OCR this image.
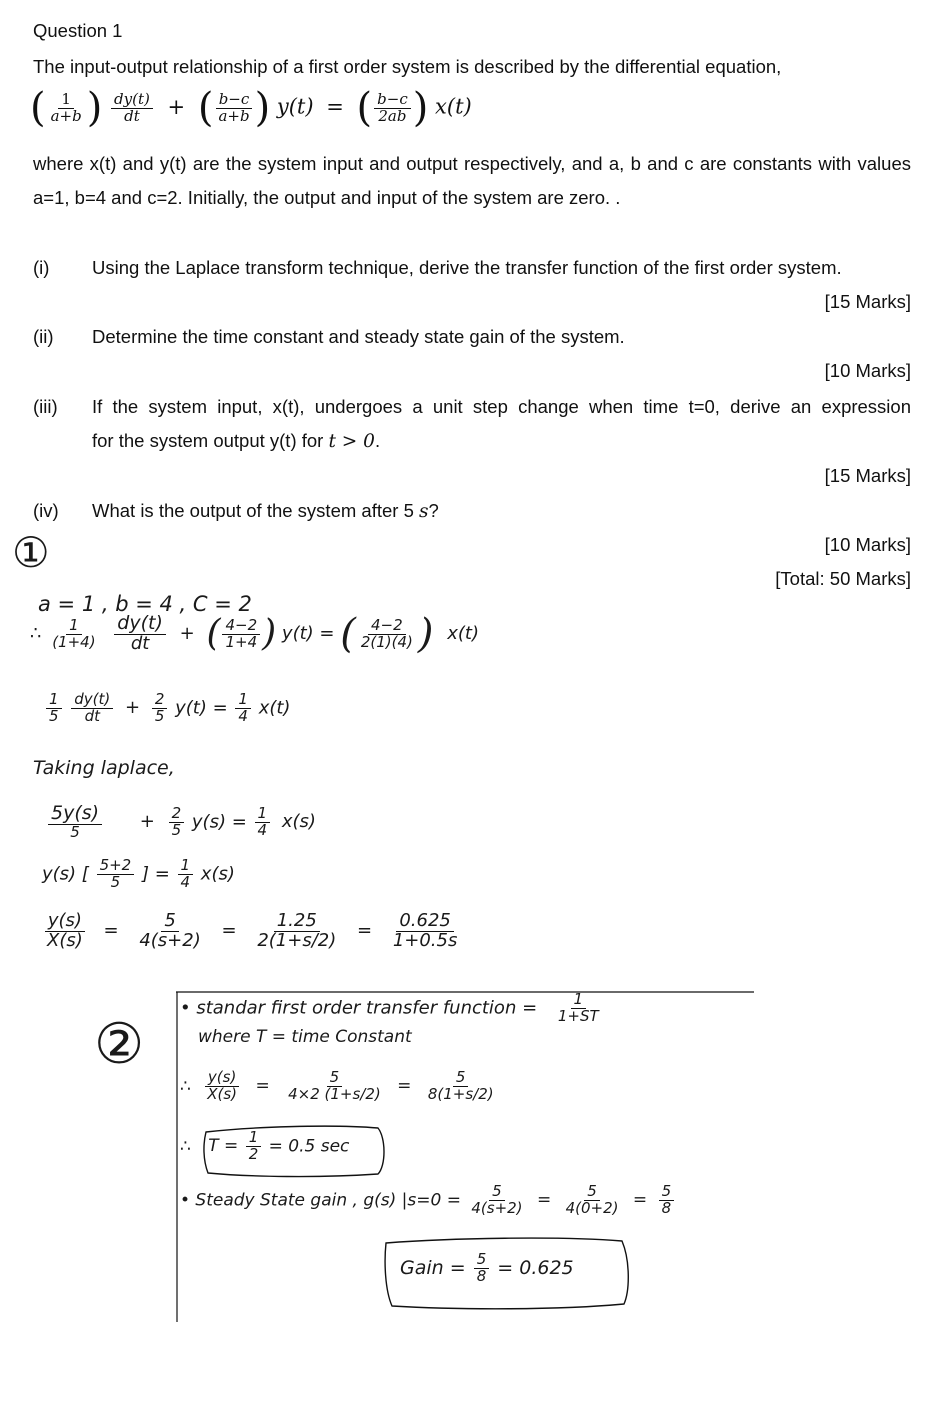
Question 1
The input-output relationship of a first order system is described by the differential equation,
( $\frac{1}{a+b}$ ) $\frac{dy(t)}{dt}$ + ( $\frac{b-c}{a+b}$ ) y(t) = ( $\frac{b-c}{2ab}$ ) x(t)
where x(t) and y(t) are the system input and output respectively, and a, b and c are constants with values a=1, b=4 and c=2. Initially, the output and input of the system are zero. .
(i) Using the Laplace transform technique, derive the transfer function of the first order system.
[15 Marks]
(ii) Determine the time constant and steady state gain of the system.
[10 Marks]
(iii) If the system input, x(t), undergoes a unit step change when time t=0, derive an expression
for the system output y(t) for t > 0.
[15 Marks]
(iv) What is the output of the system after 5 s?
[10 Marks]
[Total: 50 Marks]
①
a = 1 , b = 4 , C = 2
∴ $\frac{1}{(1+4)}$
$\frac{dy(t)}{dt}$ + ( $\frac{4-2}{1+4}$ ) y(t) = ( $\frac{4-2}{2(1)(4)}$ ) x(t)
$\frac{1}{5}$
$\frac{dy(t)}{dt} + \frac{2}{5} y(t) = \frac{1}{4} x(t)$
Taking laplace,
$\frac{5y(s)}{5} + \frac{2}{5} y(s) = \frac{1}{4} x(s)$
y(s) [ $\frac{5+2}{5}$ ] = $\frac{1}{4} x(s)$
$\frac{y(s)}{X(s)} = \frac{5}{4(s+2)} = \frac{1.25}{2(1+s/2)} = \frac{0.625}{1+0.5s}$
②
• standar first order transfer function = $\frac{1}{1+ST}$
where T = time Constant
∴ $\frac{y(s)}{X(s)} = \frac{5}{4\times 2 (1+s/2)} = \frac{5}{8(1+s/2)}$
∴ $T = \frac{1}{2} = 0.5$ sec
• Steady State gain , g(s) $|s=0 = \frac{5}{4(s+2)} = \frac{5}{4(0+2)} = \frac{5}{8}$
Gain = $\frac{5}{8} = 0.625$
